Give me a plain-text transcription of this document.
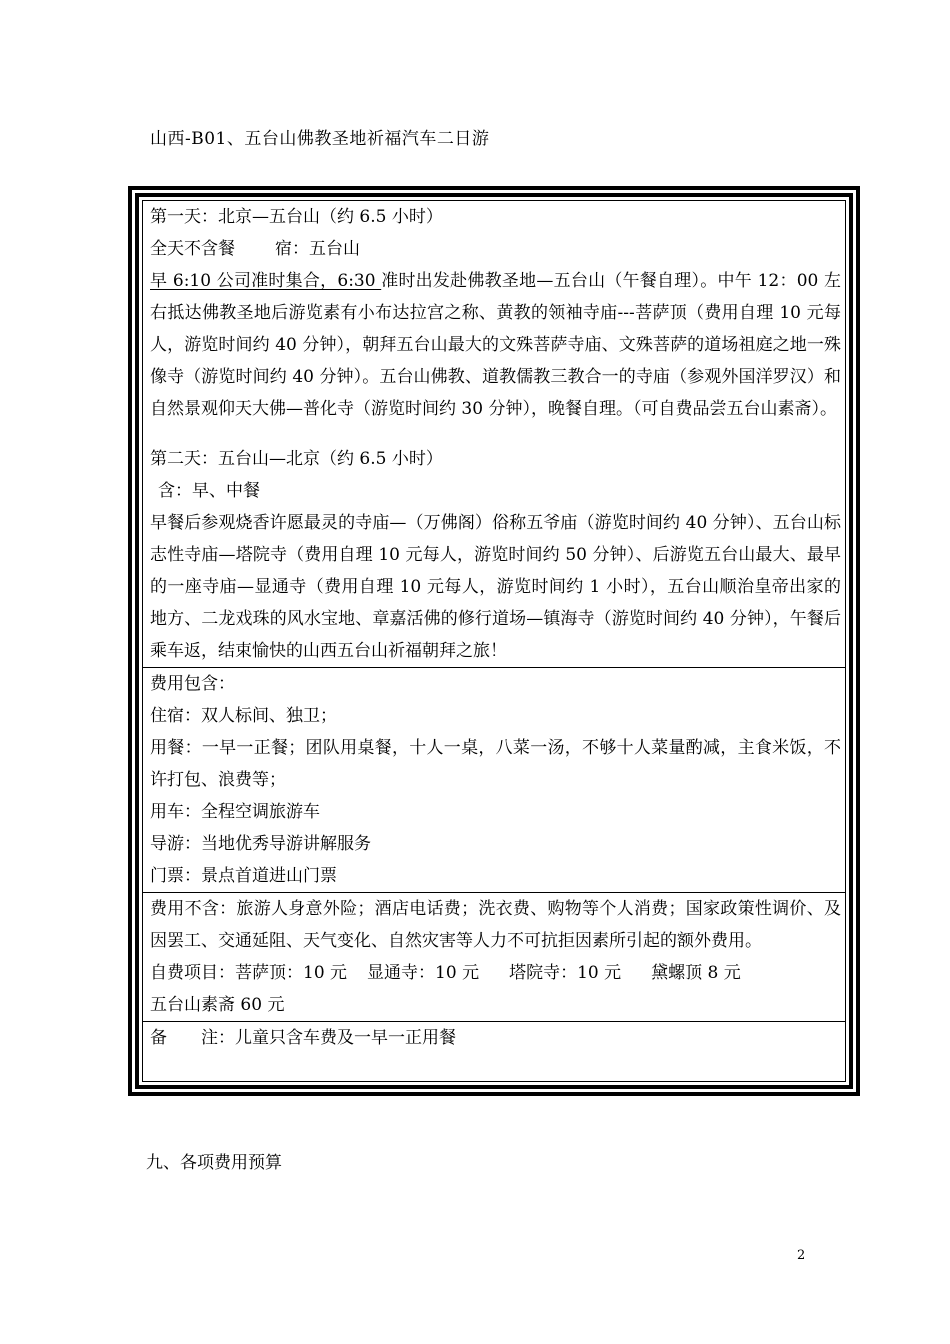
山西-B01、五台山佛教圣地祈福汽车二日游

第一天：北京—五台山（约 6.5 小时）

全天不含餐 宿：五台山

早 6:10 公司准时集合，6:30 准时出发赴佛教圣地—五台山（午餐自理）。中午 12：00 左右抵达佛教圣地后游览素有小布达拉宫之称、黄教的领袖寺庙---菩萨顶（费用自理 10 元每人，游览时间约 40 分钟），朝拜五台山最大的文殊菩萨寺庙、文殊菩萨的道场祖庭之地一殊像寺（游览时间约 40 分钟）。五台山佛教、道教儒教三教合一的寺庙（参观外国洋罗汉）和自然景观仰天大佛—普化寺（游览时间约 30 分钟），晚餐自理。（可自费品尝五台山素斋）。

第二天：五台山—北京（约 6.5 小时）

含：早、中餐

早餐后参观烧香许愿最灵的寺庙—（万佛阁）俗称五爷庙（游览时间约 40 分钟）、五台山标志性寺庙—塔院寺（费用自理 10 元每人，游览时间约 50 分钟）、后游览五台山最大、最早的一座寺庙—显通寺（费用自理 10 元每人，游览时间约 1 小时），五台山顺治皇帝出家的地方、二龙戏珠的风水宝地、章嘉活佛的修行道场—镇海寺（游览时间约 40 分钟），午餐后乘车返，结束愉快的山西五台山祈福朝拜之旅！

费用包含：

住宿：双人标间、独卫；

用餐：一早一正餐；团队用桌餐，十人一桌，八菜一汤，不够十人菜量酌减，主食米饭，不许打包、浪费等；

用车：全程空调旅游车

导游：当地优秀导游讲解服务

门票：景点首道进山门票

费用不含：旅游人身意外险；酒店电话费；洗衣费、购物等个人消费；国家政策性调价、及因罢工、交通延阻、天气变化、自然灾害等人力不可抗拒因素所引起的额外费用。

自费项目：菩萨顶：10 元 显通寺：10 元 塔院寺：10 元 黛螺顶 8 元

五台山素斋 60 元

备　　注：儿童只含车费及一早一正用餐

九、各项费用预算
2
